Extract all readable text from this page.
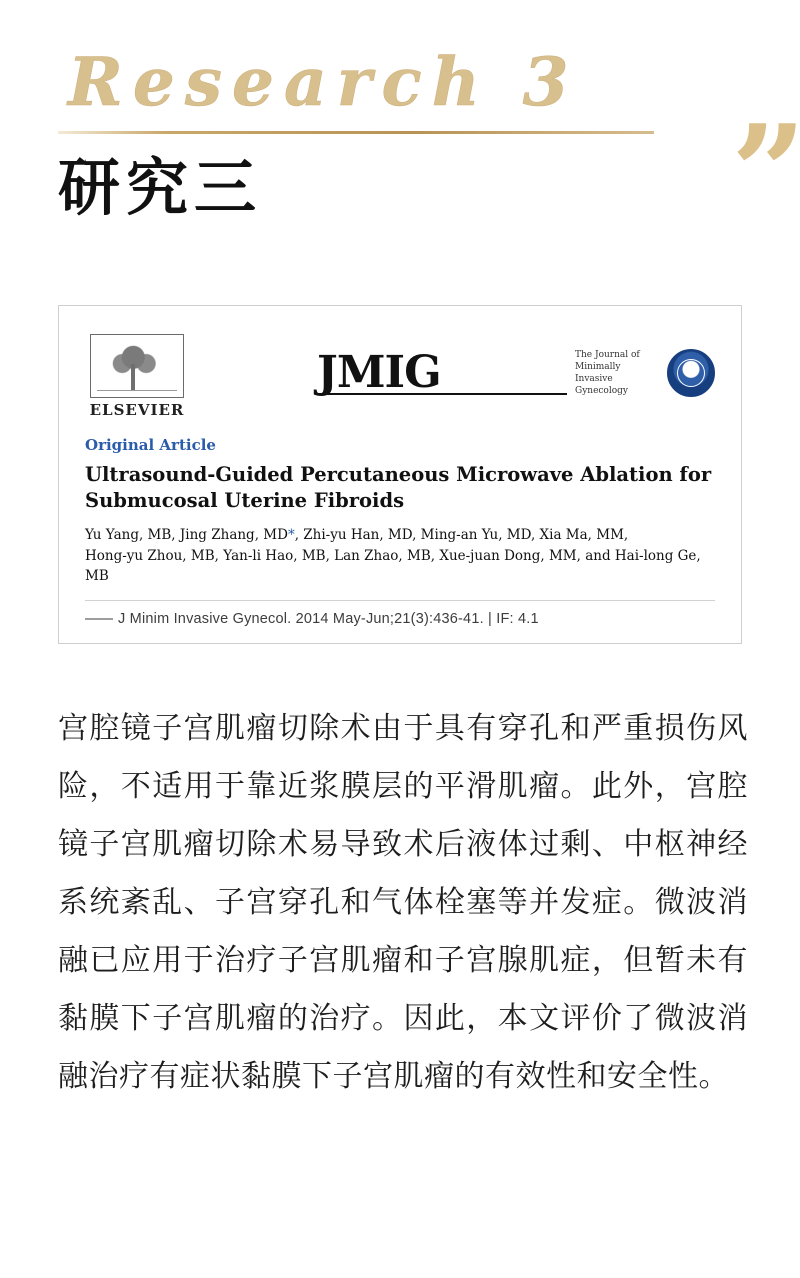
Research 3
研究三	”
ELSEVIER
JMIG	The Journal of Minimally Invasive Gynecology
Original Article
Ultrasound-Guided Percutaneous Microwave Ablation for Submucosal Uterine Fibroids
Yu Yang, MB, Jing Zhang, MD*, Zhi-yu Han, MD, Ming-an Yu, MD, Xia Ma, MM,
Hong-yu Zhou, MB, Yan-li Hao, MB, Lan Zhao, MB, Xue-juan Dong, MM, and Hai-long Ge, MB
—— J Minim Invasive Gynecol. 2014 May-Jun;21(3):436-41. | IF: 4.1
宫腔镜子宫肌瘤切除术由于具有穿孔和严重损伤风险，不适用于靠近浆膜层的平滑肌瘤。此外，宫腔镜子宫肌瘤切除术易导致术后液体过剩、中枢神经系统紊乱、子宫穿孔和气体栓塞等并发症。微波消融已应用于治疗子宫肌瘤和子宫腺肌症，但暂未有黏膜下子宫肌瘤的治疗。因此，本文评价了微波消融治疗有症状黏膜下子宫肌瘤的有效性和安全性。
